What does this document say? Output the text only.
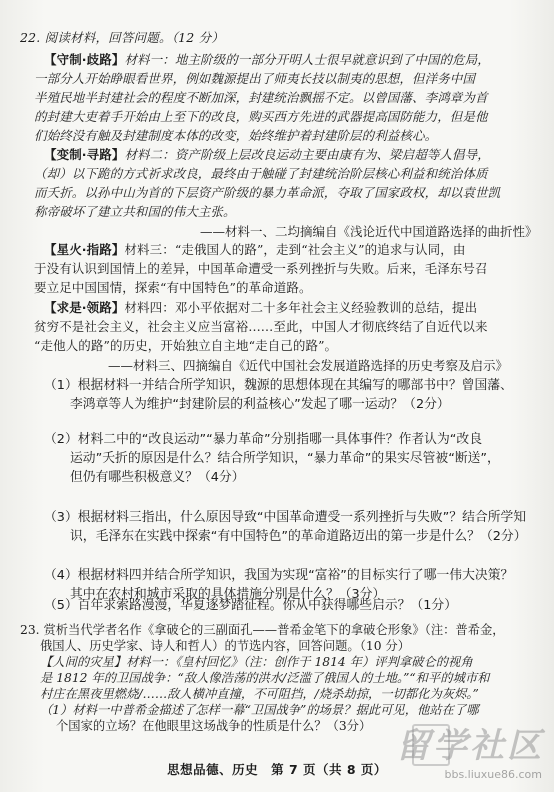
22. 阅读材料，回答问题。（12 分）
【守制·歧路】材料一：地主阶级的一部分开明人士很早就意识到了中国的危局，
一部分人开始睁眼看世界，例如魏源提出了师夷长技以制夷的思想，但洋务中国
半殖民地半封建社会的程度不断加深，封建统治飘摇不定。以曾国藩、李鸿章为首
的封建大吏着手开始由上至下的改良，购买西方先进的武器提高国防能力，但是他
们始终没有触及封建制度本体的改变，始终维护着封建阶层的利益核心。
【变制·寻路】材料二：资产阶级上层改良运动主要由康有为、梁启超等人倡导，
（却）以下跪的方式祈求改良，最终由于触碰了封建统治阶层核心利益和统治体质
而夭折。以孙中山为首的下层资产阶级的暴力革命派，夺取了国家政权，却以袁世凯
称帝破坏了建立共和国的伟大主张。
——材料一、二均摘编自《浅论近代中国道路选择的曲折性》
【星火·指路】材料三：“走俄国人的路”，走到“社会主义”的追求与认同，由
于没有认识到国情上的差异，中国革命遭受一系列挫折与失败。后来，毛泽东号召
要立足中国国情，探索“有中国特色”的革命道路。
【求是·领路】材料四：邓小平依据对二十多年社会主义经验教训的总结，提出
贫穷不是社会主义，社会主义应当富裕……至此，中国人才彻底终结了自近代以来
“走他人的路”的历史，开始独立自主地“走自己的路”。
——材料三、四摘编自《近代中国社会发展道路选择的历史考察及启示》
（1）根据材料一并结合所学知识，魏源的思想体现在其编写的哪部书中？曾国藩、
李鸿章等人为维护“封建阶层的利益核心”发起了哪一运动？（2分）
（2）材料二中的“改良运动”“暴力革命”分别指哪一具体事件？作者认为“改良
运动”夭折的原因是什么？结合所学知识，“暴力革命”的果实尽管被“断送”，
但仍有哪些积极意义？（4分）
（3）根据材料三指出，什么原因导致“中国革命遭受一系列挫折与失败”？结合所学知
识，毛泽东在实践中探索“有中国特色”的革命道路迈出的第一步是什么？（2分）
（4）根据材料四并结合所学知识，我国为实现“富裕”的目标实行了哪一伟大决策？
其中在农村和城市采取的具体措施分别是什么？（3分）
23. 赏析当代学者名作《拿破仑的三副面孔——普希金笔下的拿破仑形象》（注：普希金，
俄国人、历史学家、诗人和哲人）的节选内容，回答问题。（10 分）
【人间的灾星】材料一：《皇村回忆》（注：创作于 1814 年）评判拿破仑的视角
是 1812 年的卫国战争：“敌人像浩荡的洪水/泛滥了俄国人的土地。”“和平的城市和
村庄在黑夜里燃烧/……敌人横冲直撞，不可阻挡，/烧杀劫掠，一切都化为灰烬。”
（1）材料一中普希金描述了怎样一幕“卫国战争”的场景？据此可见，他站在了哪
个国家的立场？在他眼里这场战争的性质是什么？（3分）
思想品德、历史　第 7 页（共 8 页）
留学社区
bbs.liuxue86.com
（5）百年求索路漫漫，华夏逐梦踏征程。你从中获得哪些启示？（1分）
